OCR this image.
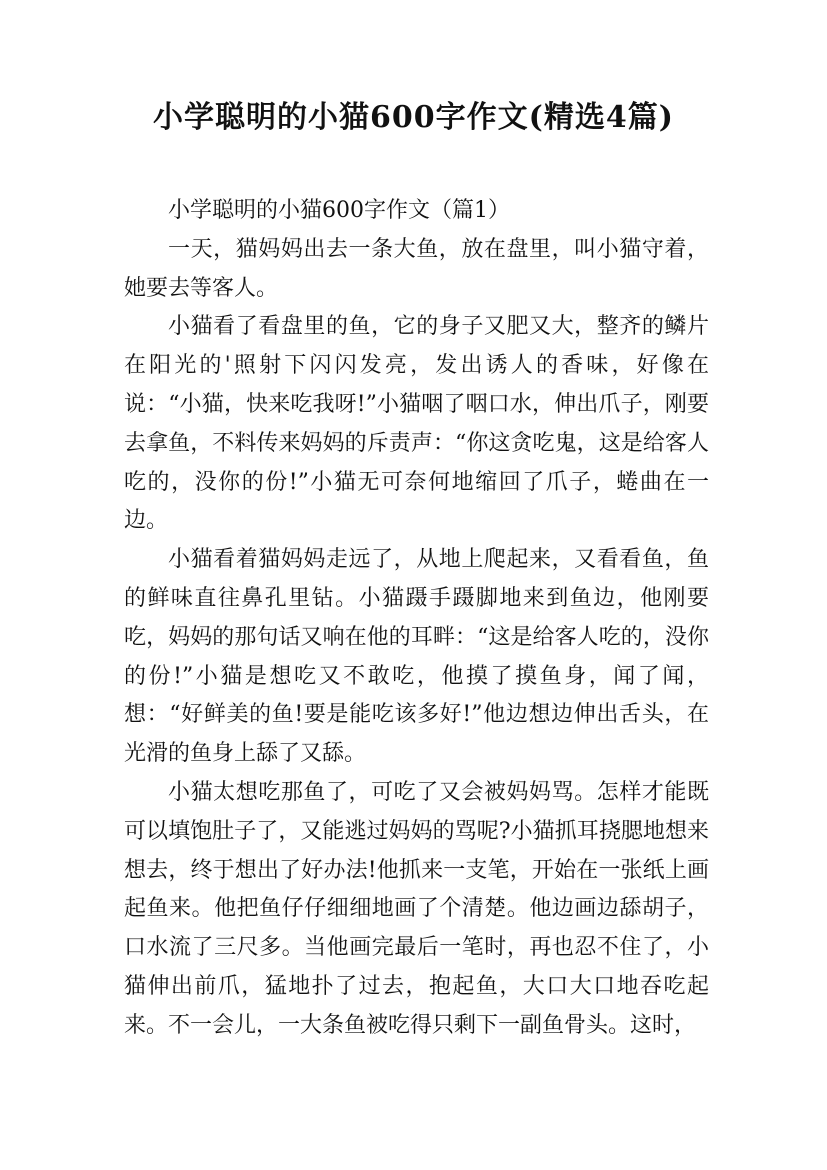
小学聪明的小猫600字作文(精选4篇)
小学聪明的小猫600字作文（篇1）

一天，猫妈妈出去一条大鱼，放在盘里，叫小猫守着，她要去等客人。

小猫看了看盘里的鱼，它的身子又肥又大，整齐的鳞片在阳光的'照射下闪闪发亮，发出诱人的香味，好像在说：“小猫，快来吃我呀!”小猫咽了咽口水，伸出爪子，刚要去拿鱼，不料传来妈妈的斥责声：“你这贪吃鬼，这是给客人吃的，没你的份!”小猫无可奈何地缩回了爪子，蜷曲在一边。

小猫看着猫妈妈走远了，从地上爬起来，又看看鱼，鱼的鲜味直往鼻孔里钻。小猫蹑手蹑脚地来到鱼边，他刚要吃，妈妈的那句话又响在他的耳畔：“这是给客人吃的，没你的份!”小猫是想吃又不敢吃，他摸了摸鱼身，闻了闻，想：“好鲜美的鱼!要是能吃该多好!”他边想边伸出舌头，在光滑的鱼身上舔了又舔。

小猫太想吃那鱼了，可吃了又会被妈妈骂。怎样才能既可以填饱肚子了，又能逃过妈妈的骂呢?小猫抓耳挠腮地想来想去，终于想出了好办法!他抓来一支笔，开始在一张纸上画起鱼来。他把鱼仔仔细细地画了个清楚。他边画边舔胡子，口水流了三尺多。当他画完最后一笔时，再也忍不住了，小猫伸出前爪，猛地扑了过去，抱起鱼，大口大口地吞吃起来。不一会儿，一大条鱼被吃得只剩下一副鱼骨头。这时，
